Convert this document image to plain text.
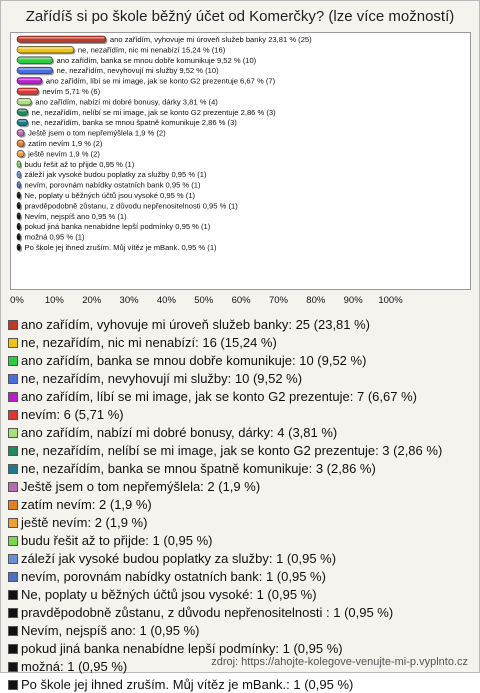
Zařídíš si po škole běžný účet od Komerčky? (lze více možností)
ano zařídím, vyhovuje mi úroveň služeb banky 23,81 % (25)
ne, nezařídím, nic mi nenabízí 15,24 % (16)
ano zařídím, banka se mnou dobře komunikuje 9,52 % (10)
ne, nezařídím, nevyhovují mi služby 9,52 % (10)
ano zařídím, líbí se mi image, jak se konto G2 prezentuje 6,67 % (7)
nevím 5,71 % (6)
ano zařídím, nabízí mi dobré bonusy, dárky 3,81 % (4)
ne, nezařídím, nelíbí se mi image, jak se konto G2 prezentuje 2,86 % (3)
ne, nezařídím, banka se mnou špatně komunikuje 2,86 % (3)
Ještě jsem o tom nepřemýšlela 1,9 % (2)
zatím nevím 1,9 % (2)
ještě nevím 1,9 % (2)
budu řešit až to přijde 0,95 % (1)
záleží jak vysoké budou poplatky za služby 0,95 % (1)
nevím, porovnám nabídky ostatních bank 0,95 % (1)
Ne, poplaty u běžných účtů jsou vysoké 0,95 % (1)
pravděpodobně zůstanu, z důvodu nepřenositelnosti 0,95 % (1)
Nevím, nejspíš ano 0,95 % (1)
pokud jiná banka nenabídne lepší podmínky 0,95 % (1)
možná 0,95 % (1)
Po škole jej ihned zruším. Můj vítěz je mBank. 0,95 % (1)
0% 10% 20% 30% 40% 50% 60% 70% 80% 90% 100%
ano zařídím, vyhovuje mi úroveň služeb banky: 25 (23,81 %)
ne, nezařídím, nic mi nenabízí: 16 (15,24 %)
ano zařídím, banka se mnou dobře komunikuje: 10 (9,52 %)
ne, nezařídím, nevyhovují mi služby: 10 (9,52 %)
ano zařídím, líbí se mi image, jak se konto G2 prezentuje: 7 (6,67 %)
nevím: 6 (5,71 %)
ano zařídím, nabízí mi dobré bonusy, dárky: 4 (3,81 %)
ne, nezařídím, nelíbí se mi image, jak se konto G2 prezentuje: 3 (2,86 %)
ne, nezařídím, banka se mnou špatně komunikuje: 3 (2,86 %)
Ještě jsem o tom nepřemýšlela: 2 (1,9 %)
zatím nevím: 2 (1,9 %)
ještě nevím: 2 (1,9 %)
budu řešit až to přijde: 1 (0,95 %)
záleží jak vysoké budou poplatky za služby: 1 (0,95 %)
nevím, porovnám nabídky ostatních bank: 1 (0,95 %)
Ne, poplaty u běžných účtů jsou vysoké: 1 (0,95 %)
pravděpodobně zůstanu, z důvodu nepřenositelnosti : 1 (0,95 %)
Nevím, nejspíš ano: 1 (0,95 %)
pokud jiná banka nenabídne lepší podmínky: 1 (0,95 %)
možná: 1 (0,95 %)
Po škole jej ihned zruším. Můj vítěz je mBank.: 1 (0,95 %)
zdroj: https://ahojte-kolegove-venujte-mi-p.vyplnto.cz
